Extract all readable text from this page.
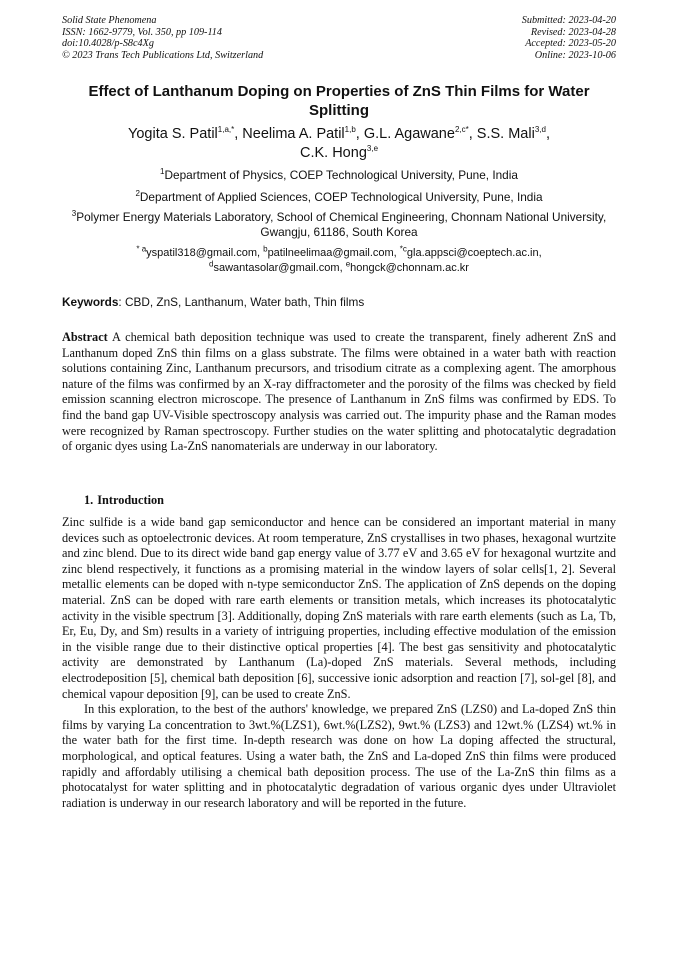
Solid State Phenomena
ISSN: 1662-9779, Vol. 350, pp 109-114
doi:10.4028/p-S8c4Xg
© 2023 Trans Tech Publications Ltd, Switzerland
Submitted: 2023-04-20
Revised: 2023-04-28
Accepted: 2023-05-20
Online: 2023-10-06
Effect of Lanthanum Doping on Properties of ZnS Thin Films for Water Splitting
Yogita S. Patil$^{1,a,*}$, Neelima A. Patil$^{1,b}$, G.L. Agawane$^{2,c*}$, S.S. Mali$^{3,d}$,
C.K. Hong$^{3,e}$
$^1$Department of Physics, COEP Technological University, Pune, India
$^2$Department of Applied Sciences, COEP Technological University, Pune, India
$^3$Polymer Energy Materials Laboratory, School of Chemical Engineering, Chonnam National University, Gwangju, 61186, South Korea
$^{* a}$yspatil318@gmail.com, $^b$patilneelimaa@gmail.com, $^{*c}$gla.appsci@coeptech.ac.in,
$^d$sawantasolar@gmail.com, $^e$hongck@chonnam.ac.kr
Keywords: CBD, ZnS, Lanthanum, Water bath, Thin films

Abstract A chemical bath deposition technique was used to create the transparent, finely adherent ZnS and Lanthanum doped ZnS thin films on a glass substrate. The films were obtained in a water bath with reaction solutions containing Zinc, Lanthanum precursors, and trisodium citrate as a complexing agent. The amorphous nature of the films was confirmed by an X-ray diffractometer and the porosity of the films was checked by field emission scanning electron microscope. The presence of Lanthanum in ZnS films was confirmed by EDS. To find the band gap UV-Visible spectroscopy analysis was carried out. The impurity phase and the Raman modes were recognized by Raman spectroscopy. Further studies on the water splitting and photocatalytic degradation of organic dyes using La-ZnS nanomaterials are underway in our laboratory.

1. Introduction

Zinc sulfide is a wide band gap semiconductor and hence can be considered an important material in many devices such as optoelectronic devices. At room temperature, ZnS crystallises in two phases, hexagonal wurtzite and zinc blend. Due to its direct wide band gap energy value of 3.77 eV and 3.65 eV for hexagonal wurtzite and zinc blend respectively, it functions as a promising material in the window layers of solar cells[1, 2]. Several metallic elements can be doped with n-type semiconductor ZnS. The application of ZnS depends on the doping material. ZnS can be doped with rare earth elements or transition metals, which increases its photocatalytic activity in the visible spectrum [3]. Additionally, doping ZnS materials with rare earth elements (such as La, Tb, Er, Eu, Dy, and Sm) results in a variety of intriguing properties, including effective modulation of the emission in the visible range due to their distinctive optical properties [4]. The best gas sensitivity and photocatalytic activity are demonstrated by Lanthanum (La)-doped ZnS materials. Several methods, including electrodeposition [5], chemical bath deposition [6], successive ionic adsorption and reaction [7], sol-gel [8], and chemical vapour deposition [9], can be used to create ZnS.

In this exploration, to the best of the authors' knowledge, we prepared ZnS (LZS0) and La-doped ZnS thin films by varying La concentration to 3wt.%(LZS1), 6wt.%(LZS2), 9wt.% (LZS3) and 12wt.% (LZS4) wt.% in the water bath for the first time. In-depth research was done on how La doping affected the structural, morphological, and optical features. Using a water bath, the ZnS and La-doped ZnS thin films were produced rapidly and affordably utilising a chemical bath deposition process. The use of the La-ZnS thin films as a photocatalyst for water splitting and in photocatalytic degradation of various organic dyes under Ultraviolet radiation is underway in our research laboratory and will be reported in the future.
